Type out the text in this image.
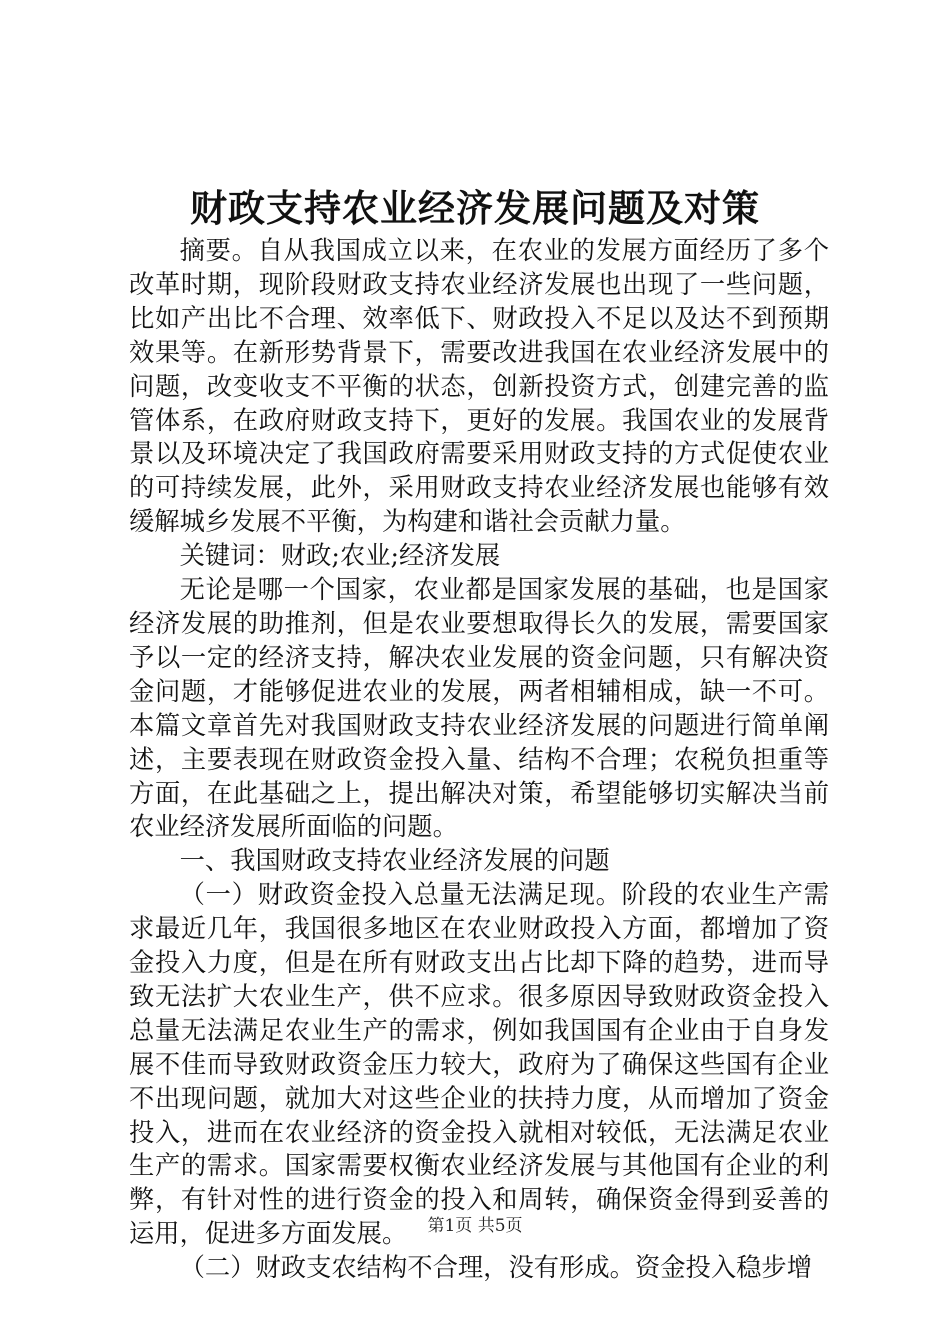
财政支持农业经济发展问题及对策

摘要。自从我国成立以来，在农业的发展方面经历了多个改革时期，现阶段财政支持农业经济发展也出现了一些问题，比如产出比不合理、效率低下、财政投入不足以及达不到预期效果等。在新形势背景下，需要改进我国在农业经济发展中的问题，改变收支不平衡的状态，创新投资方式，创建完善的监管体系，在政府财政支持下，更好的发展。我国农业的发展背景以及环境决定了我国政府需要采用财政支持的方式促使农业的可持续发展，此外，采用财政支持农业经济发展也能够有效缓解城乡发展不平衡，为构建和谐社会贡献力量。

关键词：财政;农业;经济发展

无论是哪一个国家，农业都是国家发展的基础，也是国家经济发展的助推剂，但是农业要想取得长久的发展，需要国家予以一定的经济支持，解决农业发展的资金问题，只有解决资金问题，才能够促进农业的发展，两者相辅相成，缺一不可。本篇文章首先对我国财政支持农业经济发展的问题进行简单阐述，主要表现在财政资金投入量、结构不合理；农税负担重等方面，在此基础之上，提出解决对策，希望能够切实解决当前农业经济发展所面临的问题。

一、我国财政支持农业经济发展的问题

（一）财政资金投入总量无法满足现。阶段的农业生产需求最近几年，我国很多地区在农业财政投入方面，都增加了资金投入力度，但是在所有财政支出占比却下降的趋势，进而导致无法扩大农业生产，供不应求。很多原因导致财政资金投入总量无法满足农业生产的需求，例如我国国有企业由于自身发展不佳而导致财政资金压力较大，政府为了确保这些国有企业不出现问题，就加大对这些企业的扶持力度，从而增加了资金投入，进而在农业经济的资金投入就相对较低，无法满足农业生产的需求。国家需要权衡农业经济发展与其他国有企业的利弊，有针对性的进行资金的投入和周转，确保资金得到妥善的运用，促进多方面发展。

（二）财政支农结构不合理，没有形成。资金投入稳步增

第1页 共5页
